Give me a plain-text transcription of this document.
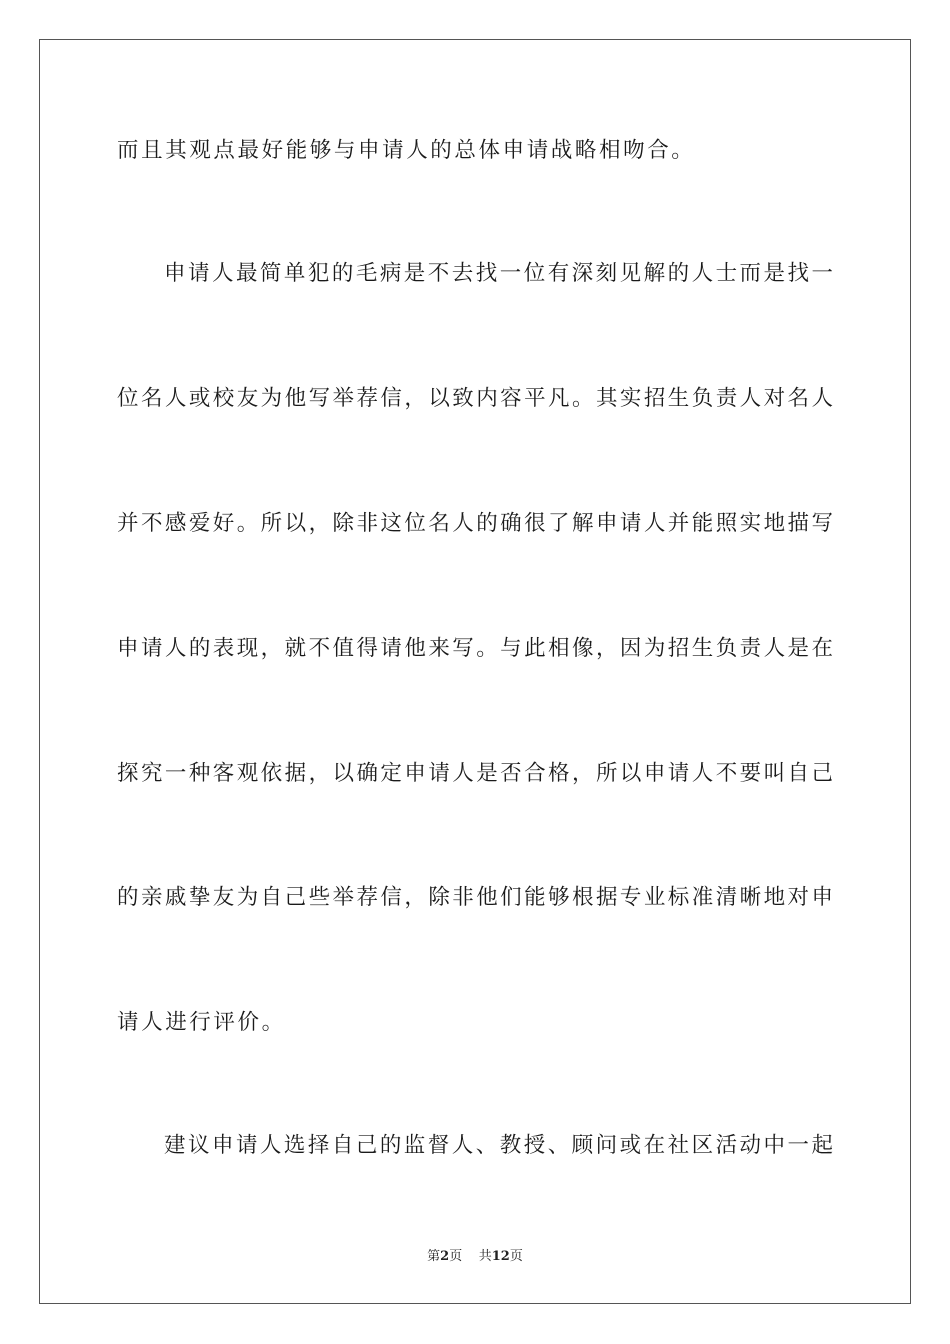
而且其观点最好能够与申请人的总体申请战略相吻合。
申请人最简单犯的毛病是不去找一位有深刻见解的人士而是找一
位名人或校友为他写举荐信，以致内容平凡。其实招生负责人对名人
并不感爱好。所以，除非这位名人的确很了解申请人并能照实地描写
申请人的表现，就不值得请他来写。与此相像，因为招生负责人是在
探究一种客观依据，以确定申请人是否合格，所以申请人不要叫自己
的亲戚挚友为自己些举荐信，除非他们能够根据专业标准清晰地对申
请人进行评价。
建议申请人选择自己的监督人、教授、顾问或在社区活动中一起
第2页 共12页
